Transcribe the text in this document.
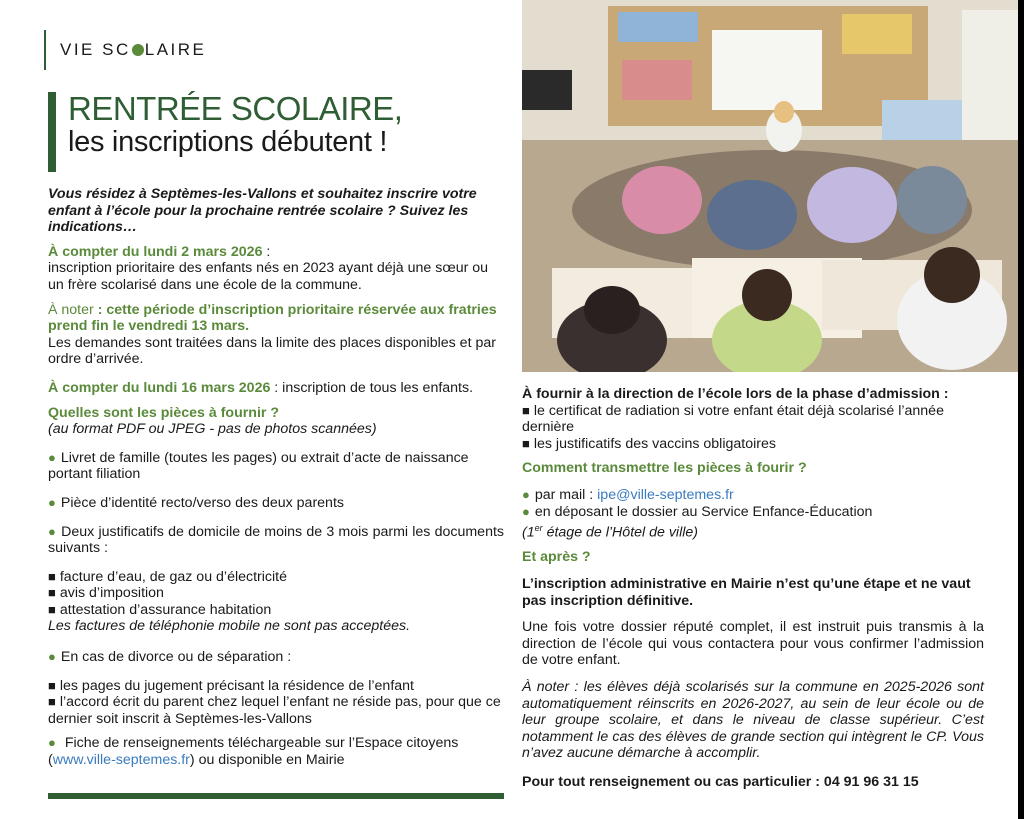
VIE SC LAIRE
RENTRÉE SCOLAIRE,
les inscriptions débutent !
Vous résidez à Septèmes-les-Vallons et souhaitez inscrire votre enfant à l’école pour la prochaine rentrée scolaire ? Suivez les indications…
À compter du lundi 2 mars 2026 :
inscription prioritaire des enfants nés en 2023 ayant déjà une sœur ou un frère scolarisé dans une école de la commune.
À noter : cette période d’inscription prioritaire réservée aux fratries prend fin le vendredi 13 mars.
Les demandes sont traitées dans la limite des places disponibles et par ordre d’arrivée.
À compter du lundi 16 mars 2026 : inscription de tous les enfants.
Quelles sont les pièces à fournir ?
(au format PDF ou JPEG - pas de photos scannées)
● Livret de famille (toutes les pages) ou extrait d’acte de naissance portant filiation
● Pièce d’identité recto/verso des deux parents
● Deux justificatifs de domicile de moins de 3 mois parmi les documents suivants :
■ facture d’eau, de gaz ou d’électricité
■ avis d’imposition
■ attestation d’assurance habitation
Les factures de téléphonie mobile ne sont pas acceptées.
● En cas de divorce ou de séparation :
■ les pages du jugement précisant la résidence de l’enfant
■ l’accord écrit du parent chez lequel l’enfant ne réside pas, pour que ce dernier soit inscrit à Septèmes-les-Vallons
● Fiche de renseignements téléchargeable sur l’Espace citoyens (www.ville-septemes.fr) ou disponible en Mairie
À fournir à la direction de l’école lors de la phase d’admission :
■ le certificat de radiation si votre enfant était déjà scolarisé l’année dernière
■ les justificatifs des vaccins obligatoires
Comment transmettre les pièces à fourir ?
● par mail : ipe@ville-septemes.fr
● en déposant le dossier au Service Enfance-Éducation
(1er étage de l’Hôtel de ville)
Et après ?
L’inscription administrative en Mairie n’est qu’une étape et ne vaut pas inscription définitive.
Une fois votre dossier réputé complet, il est instruit puis transmis à la direction de l’école qui vous contactera pour vous confirmer l’admission de votre enfant.
À noter : les élèves déjà scolarisés sur la commune en 2025-2026 sont automatiquement réinscrits en 2026-2027, au sein de leur école ou de leur groupe scolaire, et dans le niveau de classe supérieur. C’est notamment le cas des élèves de grande section qui intègrent le CP. Vous n’avez aucune démarche à accomplir.
Pour tout renseignement ou cas particulier : 04 91 96 31 15
